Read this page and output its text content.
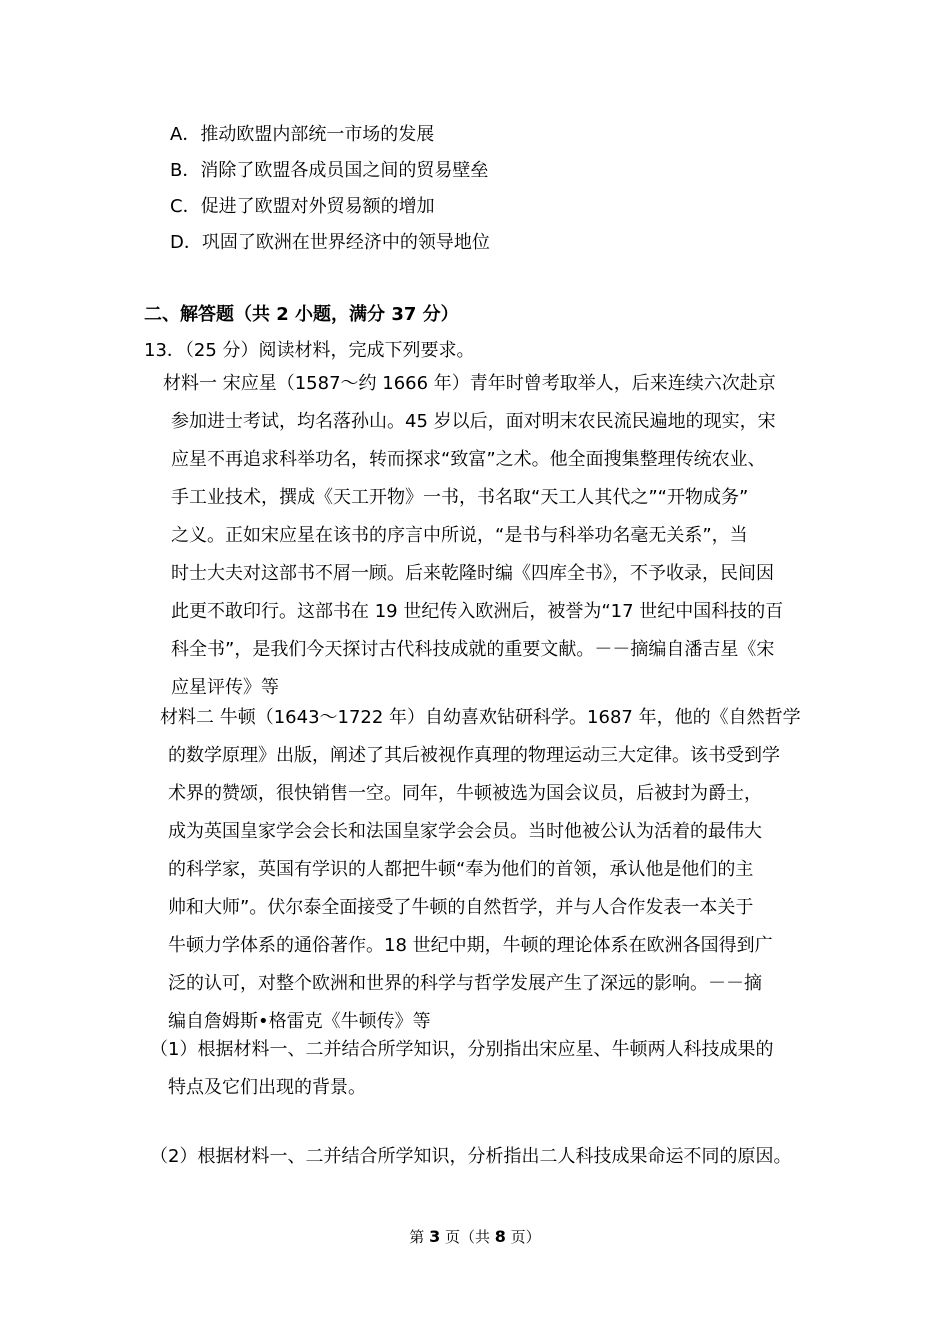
A．推动欧盟内部统一市场的发展
B．消除了欧盟各成员国之间的贸易壁垒
C．促进了欧盟对外贸易额的增加
D．巩固了欧洲在世界经济中的领导地位
二、解答题（共 2 小题，满分 37 分）
13．（25 分）阅读材料，完成下列要求。
材料一 宋应星（1587～约 1666 年）青年时曾考取举人，后来连续六次赴京
参加进士考试，均名落孙山。45 岁以后，面对明末农民流民遍地的现实，宋
应星不再追求科举功名，转而探求“致富”之术。他全面搜集整理传统农业、
手工业技术，撰成《天工开物》一书，书名取“天工人其代之”“开物成务”
之义。正如宋应星在该书的序言中所说，“是书与科举功名毫无关系”，当
时士大夫对这部书不屑一顾。后来乾隆时编《四库全书》，不予收录，民间因
此更不敢印行。这部书在 19 世纪传入欧洲后，被誉为“17 世纪中国科技的百
科全书”，是我们今天探讨古代科技成就的重要文献。－－摘编自潘吉星《宋
应星评传》等
材料二 牛顿（1643～1722 年）自幼喜欢钻研科学。1687 年，他的《自然哲学
的数学原理》出版，阐述了其后被视作真理的物理运动三大定律。该书受到学
术界的赞颂，很快销售一空。同年，牛顿被选为国会议员，后被封为爵士，
成为英国皇家学会会长和法国皇家学会会员。当时他被公认为活着的最伟大
的科学家，英国有学识的人都把牛顿“奉为他们的首领，承认他是他们的主
帅和大师”。伏尔泰全面接受了牛顿的自然哲学，并与人合作发表一本关于
牛顿力学体系的通俗著作。18 世纪中期，牛顿的理论体系在欧洲各国得到广
泛的认可，对整个欧洲和世界的科学与哲学发展产生了深远的影响。－－摘
编自詹姆斯•格雷克《牛顿传》等
（1）根据材料一、二并结合所学知识，分别指出宋应星、牛顿两人科技成果的
特点及它们出现的背景。
（2）根据材料一、二并结合所学知识，分析指出二人科技成果命运不同的原因。
第 3 页（共 8 页）
